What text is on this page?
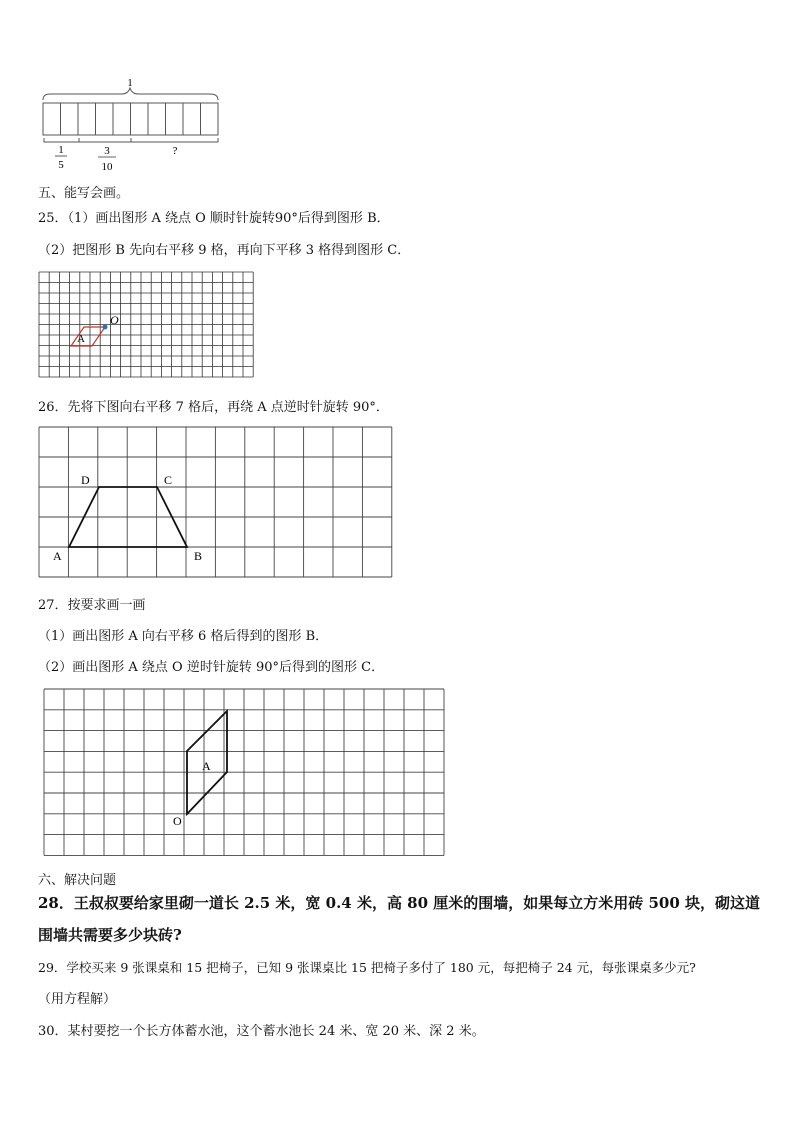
1
1
5
3
10
?
五、能写会画。
25．（1）画出图形 A 绕点 O 顺时针旋转90°后得到图形 B．
（2）把图形 B 先向右平移 9 格，再向下平移 3 格得到图形 C．
O
A
26．先将下图向右平移 7 格后，再绕 A 点逆时针旋转 90°．
D	C
A	B
27．按要求画一画
（1）画出图形 A 向右平移 6 格后得到的图形 B．
（2）画出图形 A 绕点 O 逆时针旋转 90°后得到的图形 C．
A
O
六、解决问题
28．王叔叔要给家里砌一道长 2.5 米，宽 0.4 米，高 80 厘米的围墙，如果每立方米用砖 500 块，砌这道
围墙共需要多少块砖?
29．学校买来 9 张课桌和 15 把椅子，已知 9 张课桌比 15 把椅子多付了 180 元，每把椅子 24 元，每张课桌多少元?
（用方程解）
30．某村要挖一个长方体蓄水池，这个蓄水池长 24 米、宽 20 米、深 2 米。
